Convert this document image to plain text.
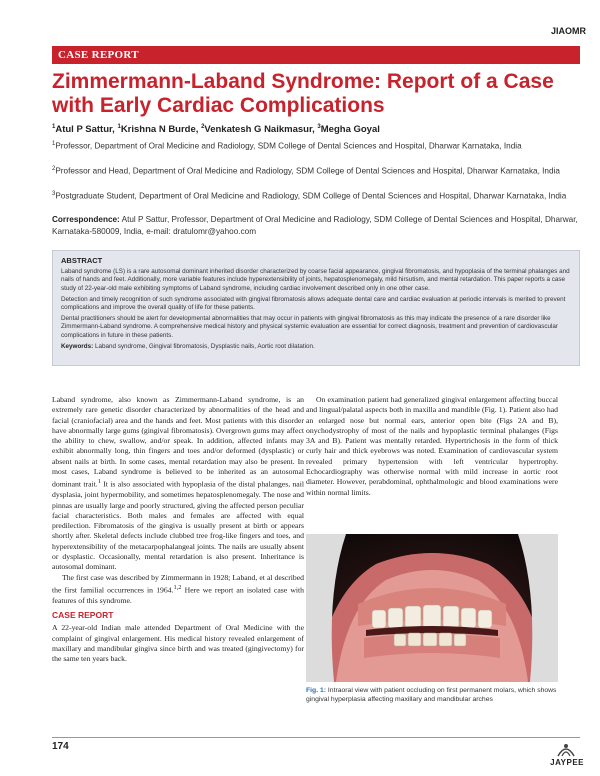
JIAOMR
CASE REPORT
Zimmermann-Laband Syndrome: Report of a Case with Early Cardiac Complications
$^1$Atul P Sattur, $^1$Krishna N Burde, $^2$Venkatesh G Naikmasur, $^3$Megha Goyal
$^1$Professor, Department of Oral Medicine and Radiology, SDM College of Dental Sciences and Hospital, Dharwar Karnataka, India
$^2$Professor and Head, Department of Oral Medicine and Radiology, SDM College of Dental Sciences and Hospital, Dharwar Karnataka, India
$^3$Postgraduate Student, Department of Oral Medicine and Radiology, SDM College of Dental Sciences and Hospital, Dharwar Karnataka, India
Correspondence: Atul P Sattur, Professor, Department of Oral Medicine and Radiology, SDM College of Dental Sciences and Hospital, Dharwar, Karnataka-580009, India, e-mail: dratulomr@yahoo.com
ABSTRACT

Laband syndrome (LS) is a rare autosomal dominant inherited disorder characterized by coarse facial appearance, gingival fibromatosis, and hypoplasia of the terminal phalanges and nails of hands and feet. Additionally, more variable features include hyperextensibility of joints, hepatosplenomegaly, mild hirsutism, and mental retardation. This paper reports a case study of 22-year-old male exhibiting symptoms of Laband syndrome, including cardiac involvement described only in one other case.

Detection and timely recognition of such syndrome associated with gingival fibromatosis allows adequate dental care and cardiac evaluation at periodic intervals is merited to prevent complications and improve the overall quality of life for these patients.

Dental practitioners should be alert for developmental abnormalities that may occur in patients with gingival fibromatosis as this may indicate the presence of a rare disorder like Zimmermann-Laband syndrome. A comprehensive medical history and physical systemic evaluation are essential for correct diagnosis, treatment and prevention of cardiovascular complications in future in these patients.

Keywords: Laband syndrome, Gingival fibromatosis, Dysplastic nails, Aortic root dilatation.

Laband syndrome, also known as Zimmermann-Laband syndrome, is an extremely rare genetic disorder characterized by abnormalities of the head and facial (craniofacial) area and the hands and feet. Most patients with this disorder have abnormally large gums (gingival fibromatosis). Overgrown gums may affect the ability to chew, swallow, and/or speak. In addition, affected infants may exhibit abnormally long, thin fingers and toes and/or deformed (dysplastic) or absent nails at birth. In some cases, mental retardation may also be present. In most cases, Laband syndrome is believed to be inherited as an autosomal dominant trait.$^1$ It is also associated with hypoplasia of the distal phalanges, nail dysplasia, joint hypermobility, and sometimes hepatosplenomegaly. The nose and pinnas are usually large and poorly structured, giving the affected person peculiar facial characteristics. Both males and females are affected with equal predilection. Fibromatosis of the gingiva is usually present at birth or appears shortly after. Skeletal defects include clubbed tree frog-like fingers and toes, and hyperextensibility of the metacarpophalangeal joints. The nails are usually absent or dysplastic. Occasionally, mental retardation is also present. Inheritance is autosomal dominant.

The first case was described by Zimmermann in 1928; Laband, et al described the first familial occurrences in 1964.$^{1,2}$ Here we report an isolated case with features of this syndrome.

CASE REPORT

A 22-year-old Indian male attended Department of Oral Medicine with the complaint of gingival enlargement. His medical history revealed enlargement of maxillary and mandibular gingiva since birth and was treated (gingivectomy) for the same ten years back.

On examination patient had generalized gingival enlargement affecting buccal and lingual/palatal aspects both in maxilla and mandible (Fig. 1). Patient also had an enlarged nose but normal ears, anterior open bite (Figs 2A and B), onychodystrophy of most of the nails and hypoplastic terminal phalanges (Figs 3A and B). Patient was mentally retarded. Hypertrichosis in the form of thick curly hair and thick eyebrows was noted. Examination of cardiovascular system revealed primary hypertension with left ventricular hypertrophy. Echocardiography was otherwise normal with mild increase in aortic root diameter. However, perabdominal, ophthalmologic and blood examinations were within normal limits.

Fig. 1: Intraoral view with patient occluding on first permanent molars, which shows gingival hyperplasia affecting maxillary and mandibular arches
174
JAYPEE
